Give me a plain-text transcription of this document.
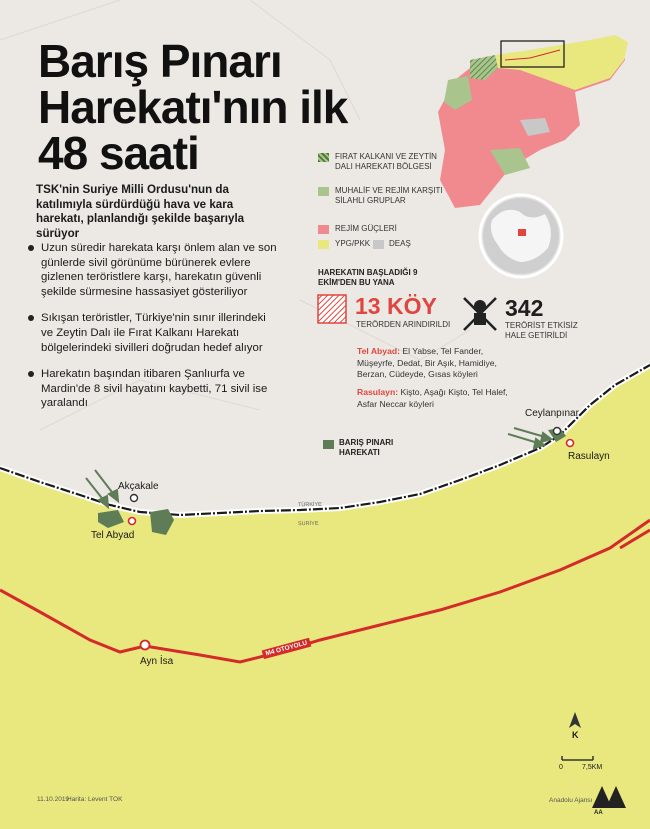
Barış Pınarı Harekatı'nın ilk 48 saati
TSK'nin Suriye Milli Ordusu'nun da katılımıyla sürdürdüğü hava ve kara harekatı, planlandığı şekilde başarıyla sürüyor
Uzun süredir harekata karşı önlem alan ve son günlerde sivil görünüme bürünerek evlere gizlenen teröristlere karşı, harekatın güvenli şekilde sürmesine hassasiyet gösteriliyor
Sıkışan teröristler, Türkiye'nin sınır illerindeki ve Zeytin Dalı ile Fırat Kalkanı Harekatı bölgelerindeki sivilleri doğrudan hedef alıyor
Harekatın başından itibaren Şanlıurfa ve Mardin'de 8 sivil hayatını kaybetti, 71 sivil ise yaralandı
FIRAT KALKANI VE ZEYTİN DALI HAREKATI BÖLGESİ
MUHALİF VE REJİM KARŞITI SİLAHLI GRUPLAR
REJİM GÜÇLERİ
YPG/PKK DEAŞ
BARIŞ PINARI HAREKATI
HAREKATIN BAŞLADIĞI 9 EKİM'DEN BU YANA
13 KÖY
TERÖRDEN ARINDIRILDI
342
TERÖRİST ETKİSİZ HALE GETİRİLDİ
Tel Abyad: El Yabse, Tel Fander, Müşeyrfe, Dedat, Bir Aşık, Hamidiye, Berzan, Cüdeyde, Gısas köyleri
Rasulayn: Kişto, Aşağı Kişto, Tel Halef, Asfar Neccar köyleri
Akçakale
Tel Abyad
Ceylanpınar
Rasulayn
Ayn İsa
TÜRKİYE
SURİYE
M4 OTOYOLU
K
0	7,5KM
11.10.2019
Harita: Levent TOK	Anadolu Ajansı
AA
